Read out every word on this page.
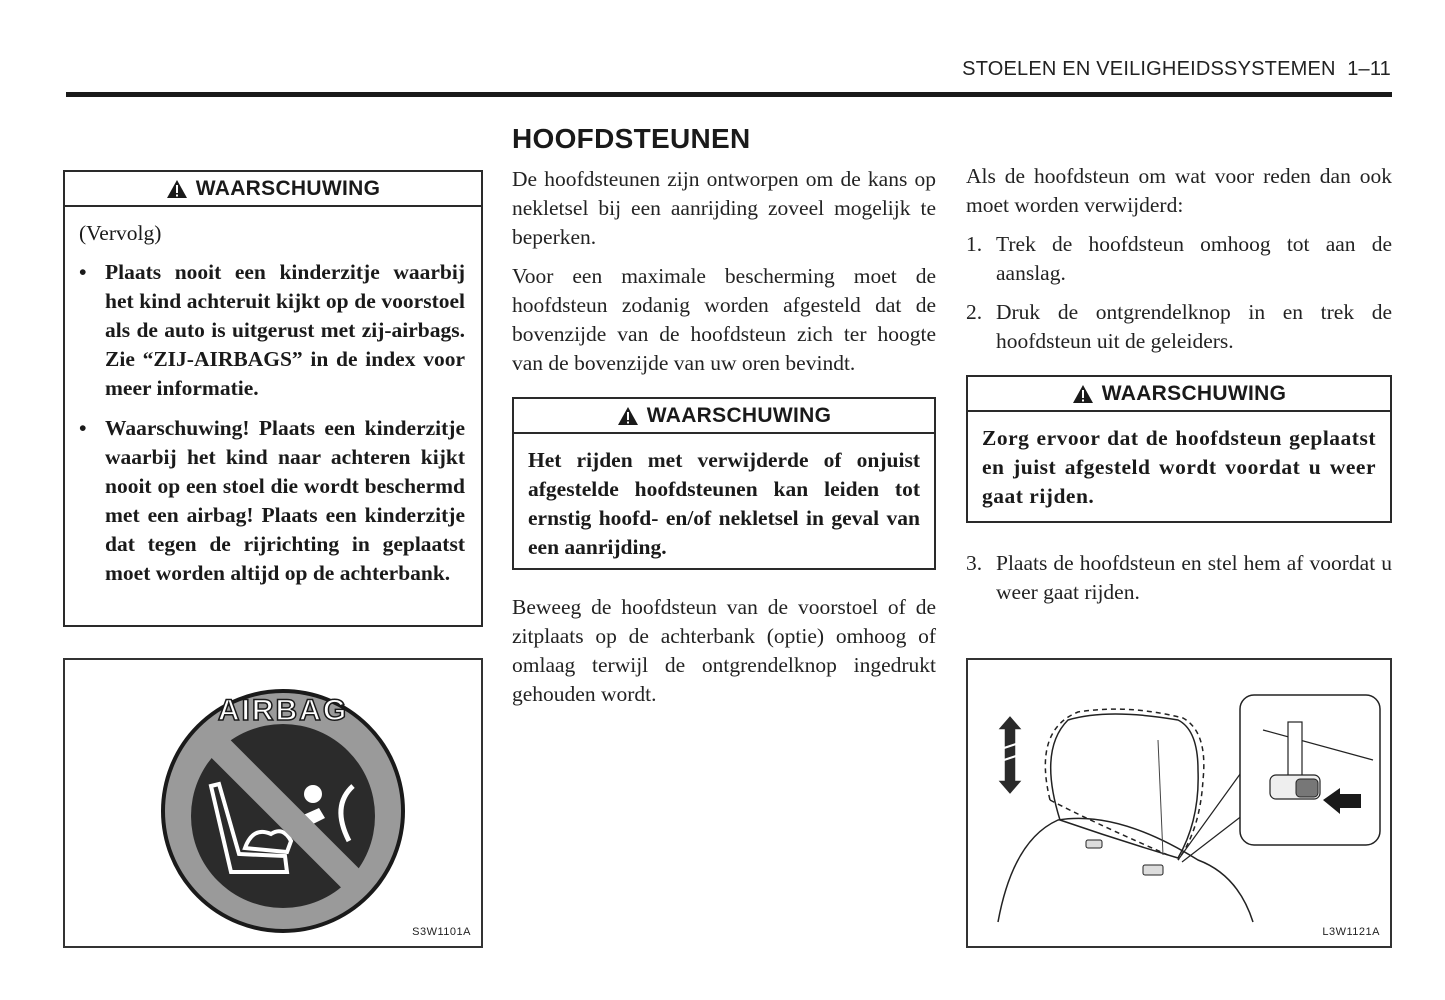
STOELEN EN VEILIGHEIDSSYSTEMEN 1–11
WAARSCHUWING

(Vervolg)

• Plaats nooit een kinderzitje waarbij het kind achteruit kijkt op de voorstoel als de auto is uitgerust met zij-airbags. Zie “ZIJ-AIRBAGS” in de index voor meer informatie.
• Waarschuwing! Plaats een kinderzitje waarbij het kind naar achteren kijkt nooit op een stoel die wordt beschermd met een airbag! Plaats een kinderzitje dat tegen de rijrichting in geplaatst moet worden altijd op de achterbank.
AIRBAG
S3W1101A
HOOFDSTEUNEN

De hoofdsteunen zijn ontworpen om de kans op nekletsel bij een aanrijding zoveel mogelijk te beperken.

Voor een maximale bescherming moet de hoofdsteun zodanig worden afgesteld dat de bovenzijde van de hoofdsteun zich ter hoogte van de bovenzijde van uw oren bevindt.

WAARSCHUWING

Het rijden met verwijderde of onjuist afgestelde hoofdsteunen kan leiden tot ernstig hoofd- en/of nekletsel in geval van een aanrijding.

Beweeg de hoofdsteun van de voorstoel of de zitplaats op de achterbank (optie) omhoog of omlaag terwijl de ontgrendelknop ingedrukt gehouden wordt.

Als de hoofdsteun om wat voor reden dan ook moet worden verwijderd:

1. Trek de hoofdsteun omhoog tot aan de aanslag.
2. Druk de ontgrendelknop in en trek de hoofdsteun uit de geleiders.
WAARSCHUWING

Zorg ervoor dat de hoofdsteun geplaatst en juist afgesteld wordt voordat u weer gaat rijden.

3. Plaats de hoofdsteun en stel hem af voordat u weer gaat rijden.
L3W1121A
